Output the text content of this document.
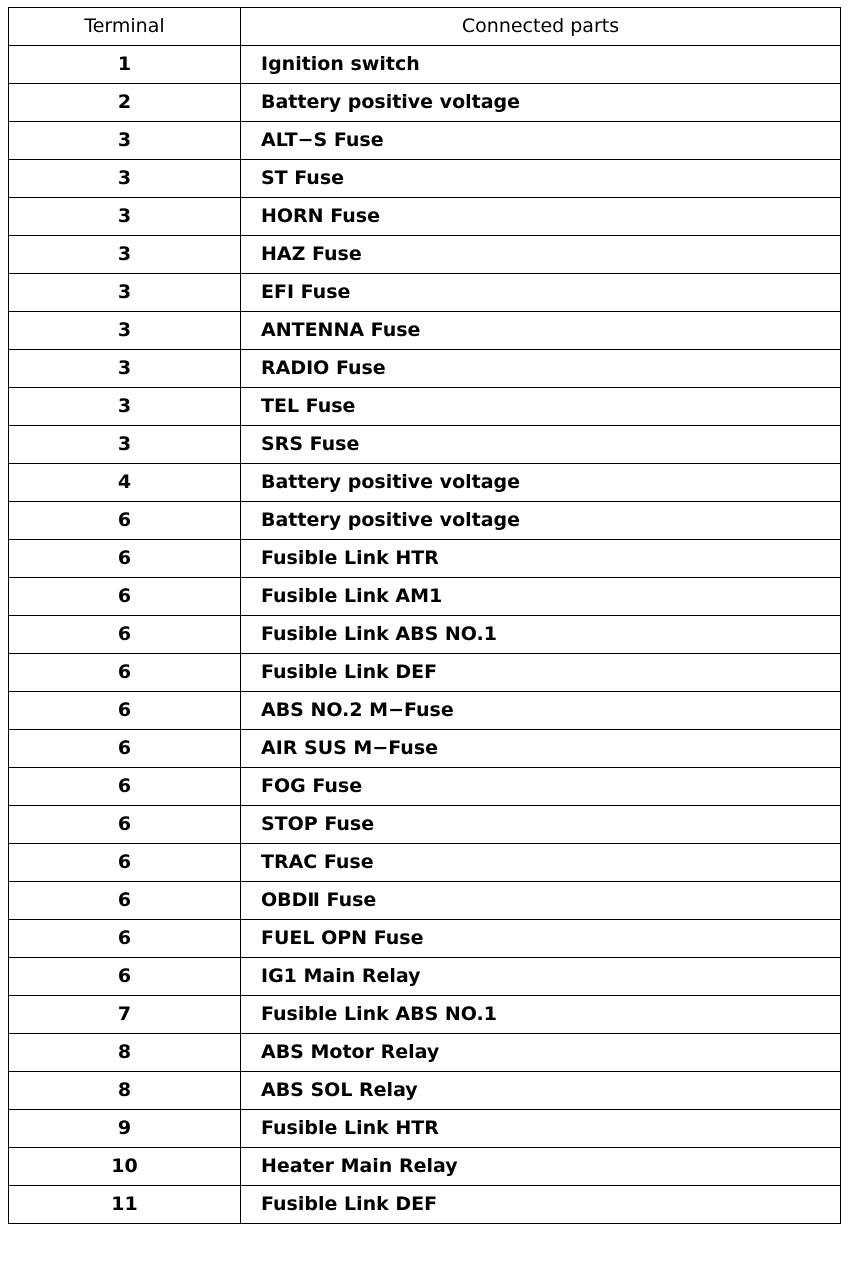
Terminal	Connected parts
1	Ignition switch
2	Battery positive voltage
3	ALT−S Fuse
3	ST Fuse
3	HORN Fuse
3	HAZ Fuse
3	EFI Fuse
3	ANTENNA Fuse
3	RADIO Fuse
3	TEL Fuse
3	SRS Fuse
4	Battery positive voltage
6	Battery positive voltage
6	Fusible Link HTR
6	Fusible Link AM1
6	Fusible Link ABS NO.1
6	Fusible Link DEF
6	ABS NO.2 M−Fuse
6	AIR SUS M−Fuse
6	FOG Fuse
6	STOP Fuse
6	TRAC Fuse
6	OBDⅡ Fuse
6	FUEL OPN Fuse
6	IG1 Main Relay
7	Fusible Link ABS NO.1
8	ABS Motor Relay
8	ABS SOL Relay
9	Fusible Link HTR
10	Heater Main Relay
11	Fusible Link DEF
